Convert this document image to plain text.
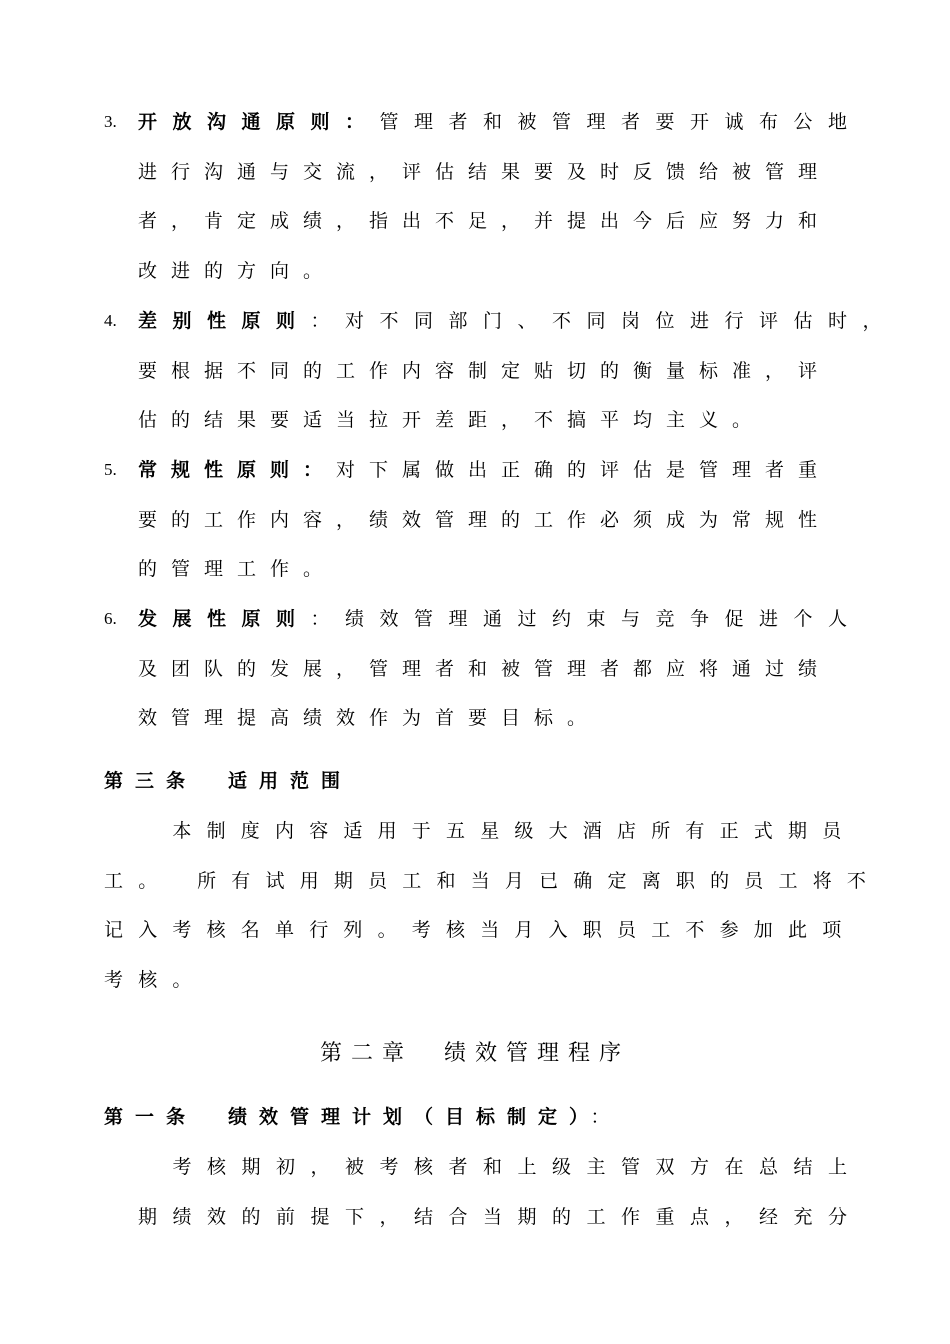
3.	开放沟通原则：管理者和被管理者要开诚布公地
进行沟通与交流，评估结果要及时反馈给被管理
者，肯定成绩，指出不足，并提出今后应努力和
改进的方向。
4.	差别性原则：对不同部门、不同岗位进行评估时，
要根据不同的工作内容制定贴切的衡量标准，评
估的结果要适当拉开差距，不搞平均主义。
5.	常规性原则：对下属做出正确的评估是管理者重
要的工作内容，绩效管理的工作必须成为常规性
的管理工作。
6.	发展性原则：绩效管理通过约束与竞争促进个人
及团队的发展，管理者和被管理者都应将通过绩
效管理提高绩效作为首要目标。
第三条　适用范围
　　本制度内容适用于五星级大酒店所有正式期员
工。　所有试用期员工和当月已确定离职的员工将不
记入考核名单行列。考核当月入职员工不参加此项
考核。
第二章　绩效管理程序
第一条　绩效管理计划（目标制定）：
　考核期初，被考核者和上级主管双方在总结上
期绩效的前提下，结合当期的工作重点，经充分
